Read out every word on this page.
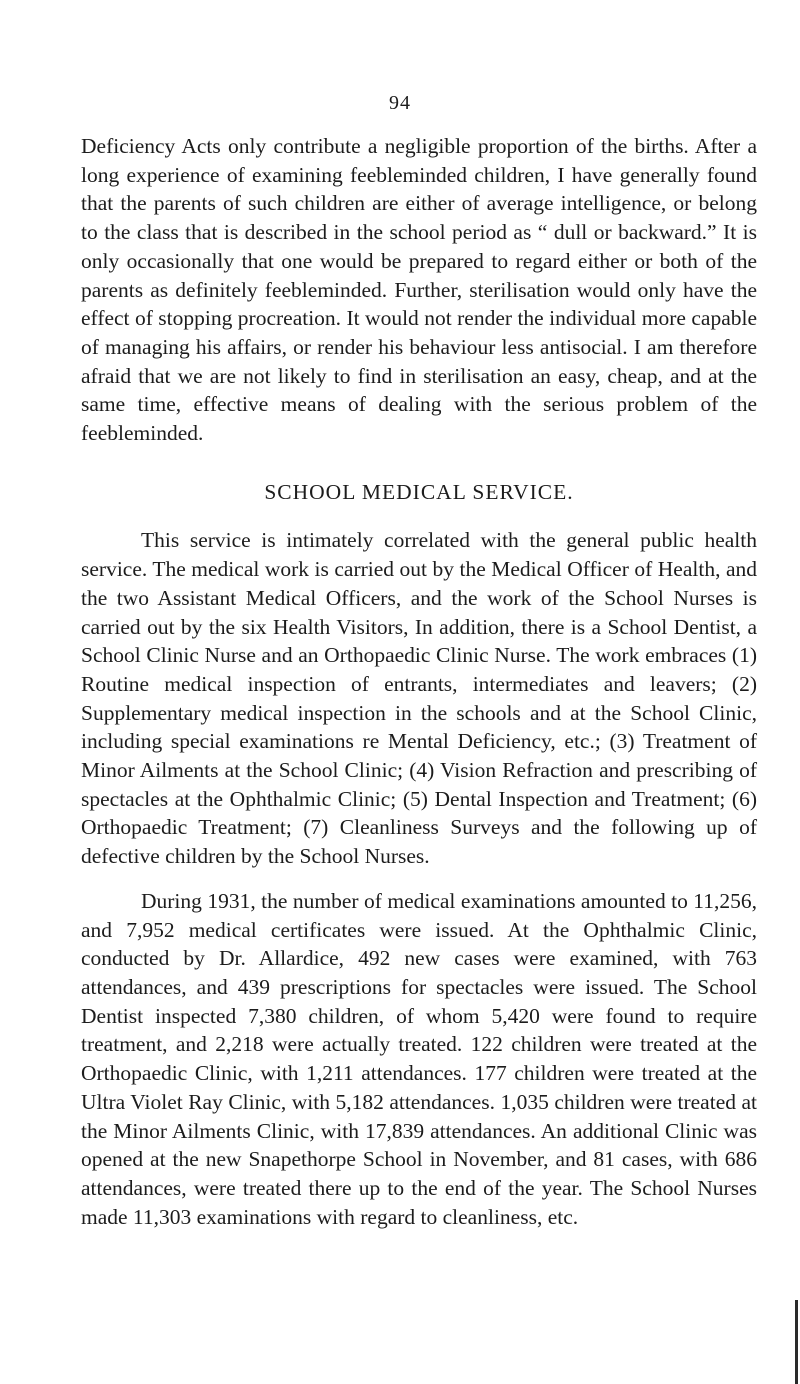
94

Deficiency Acts only contribute a negligible proportion of the births. After a long experience of examining feebleminded children, I have generally found that the parents of such children are either of average intelligence, or belong to the class that is described in the school period as “ dull or backward.” It is only occasionally that one would be prepared to regard either or both of the parents as definitely feebleminded. Further, sterilisation would only have the effect of stopping procreation. It would not render the individual more capable of managing his affairs, or render his behaviour less antisocial. I am therefore afraid that we are not likely to find in sterilisation an easy, cheap, and at the same time, effective means of dealing with the serious problem of the feebleminded.

SCHOOL MEDICAL SERVICE.

This service is intimately correlated with the general public health service. The medical work is carried out by the Medical Officer of Health, and the two Assistant Medical Officers, and the work of the School Nurses is carried out by the six Health Visitors, In addition, there is a School Dentist, a School Clinic Nurse and an Orthopaedic Clinic Nurse. The work embraces (1) Routine medical inspection of entrants, intermediates and leavers; (2) Supplementary medical inspection in the schools and at the School Clinic, including special examinations re Mental Deficiency, etc.; (3) Treatment of Minor Ailments at the School Clinic; (4) Vision Refraction and prescribing of spectacles at the Ophthalmic Clinic; (5) Dental Inspection and Treatment; (6) Orthopaedic Treatment; (7) Cleanliness Surveys and the following up of defective children by the School Nurses.

During 1931, the number of medical examinations amounted to 11,256, and 7,952 medical certificates were issued. At the Ophthalmic Clinic, conducted by Dr. Allardice, 492 new cases were examined, with 763 attendances, and 439 prescriptions for spectacles were issued. The School Dentist inspected 7,380 children, of whom 5,420 were found to require treatment, and 2,218 were actually treated. 122 children were treated at the Orthopaedic Clinic, with 1,211 attendances. 177 children were treated at the Ultra Violet Ray Clinic, with 5,182 attendances. 1,035 children were treated at the Minor Ailments Clinic, with 17,839 attendances. An additional Clinic was opened at the new Snapethorpe School in November, and 81 cases, with 686 attendances, were treated there up to the end of the year. The School Nurses made 11,303 examinations with regard to cleanliness, etc.
